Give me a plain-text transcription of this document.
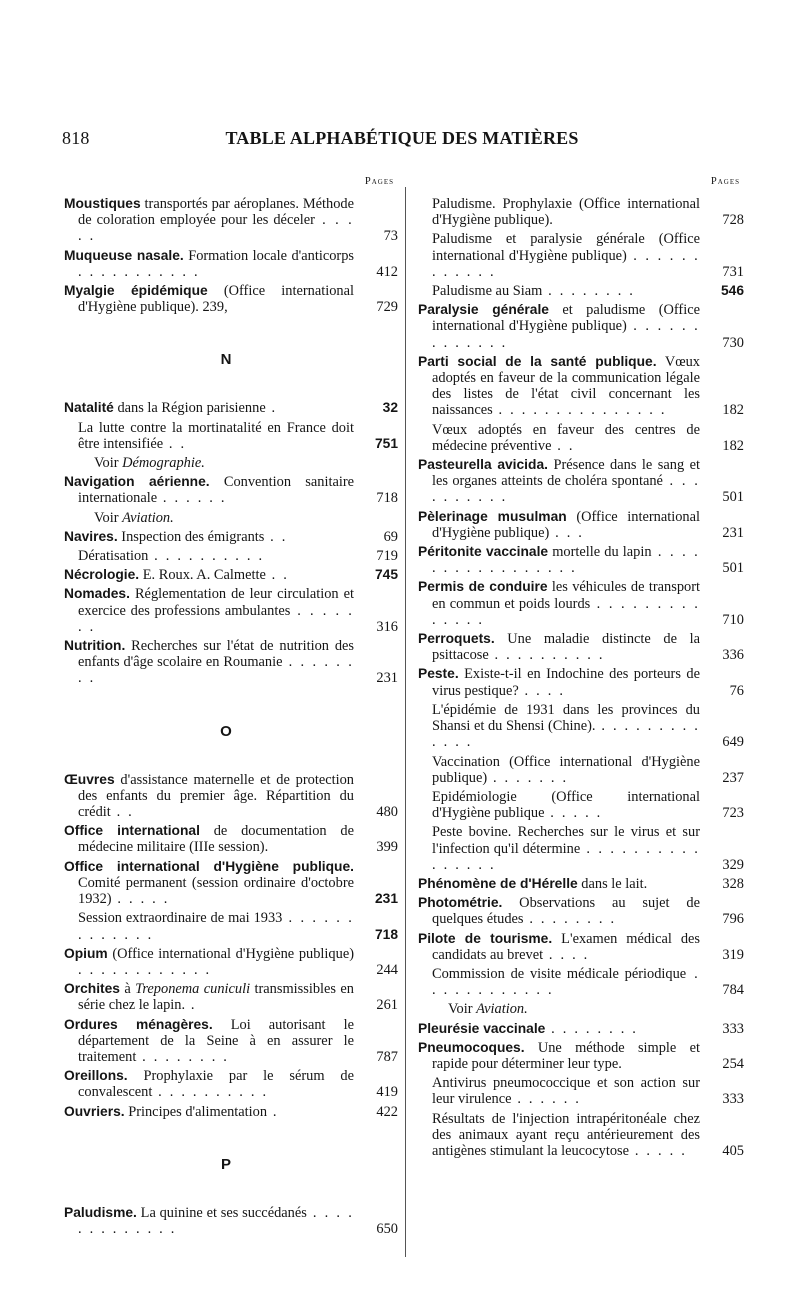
818	TABLE ALPHABÉTIQUE DES MATIÈRES
Pages
Moustiques transportés par aéroplanes. Méthode de coloration employée pour les déceler . . . . .	73
Muqueuse nasale. Formation locale d'anticorps . . . . . . . . . . .	412
Myalgie épidémique (Office international d'Hygiène publique). 239,	729
N
Natalité dans la Région parisienne .	32
La lutte contre la mortinatalité en France doit être intensifiée . .	751
Voir Démographie.
Navigation aérienne. Convention sanitaire internationale . . . . . .	718
Voir Aviation.
Navires. Inspection des émigrants . .	69
Dératisation . . . . . . . . . .	719
Nécrologie. E. Roux. A. Calmette . .	745
Nomades. Réglementation de leur circulation et exercice des professions ambulantes . . . . . . .	316
Nutrition. Recherches sur l'état de nutrition des enfants d'âge scolaire en Roumanie . . . . . . . .	231
O
Œuvres d'assistance maternelle et de protection des enfants du premier âge. Répartition du crédit . .	480
Office international de documentation de médecine militaire (IIIe session).	399
Office international d'Hygiène publique. Comité permanent (session ordinaire d'octobre 1932) . . . . .	231
Session extraordinaire de mai 1933 . . . . . . . . . . . . .	718
Opium (Office international d'Hygiène publique) . . . . . . . . . . . .	244
Orchites à Treponema cuniculi transmissibles en série chez le lapin. .	261
Ordures ménagères. Loi autorisant le département de la Seine à en assurer le traitement . . . . . . . .	787
Oreillons. Prophylaxie par le sérum de convalescent . . . . . . . . . .	419
Ouvriers. Principes d'alimentation .	422
P
Paludisme. La quinine et ses succédanés . . . . . . . . . . . . .	650
Pages
Paludisme. Prophylaxie (Office international d'Hygiène publique).	728
Paludisme et paralysie générale (Office international d'Hygiène publique) . . . . . . . . . . . .	731
Paludisme au Siam . . . . . . . .	546
Paralysie générale et paludisme (Office international d'Hygiène publique) . . . . . . . . . . . . .	730
Parti social de la santé publique. Vœux adoptés en faveur de la communication légale des listes de l'état civil concernant les naissances . . . . . . . . . . . . . . .	182
Vœux adoptés en faveur des centres de médecine préventive . .	182
Pasteurella avicida. Présence dans le sang et les organes atteints de choléra spontané . . . . . . . . . .	501
Pèlerinage musulman (Office international d'Hygiène publique) . . .	231
Péritonite vaccinale mortelle du lapin . . . . . . . . . . . . . . . . .	501
Permis de conduire les véhicules de transport en commun et poids lourds . . . . . . . . . . . . . .	710
Perroquets. Une maladie distincte de la psittacose . . . . . . . . . .	336
Peste. Existe-t-il en Indochine des porteurs de virus pestique? . . . .	76
L'épidémie de 1931 dans les provinces du Shansi et du Shensi (Chine). . . . . . . . . . . . . .	649
Vaccination (Office international d'Hygiène publique) . . . . . . .	237
Epidémiologie (Office international d'Hygiène publique . . . . .	723
Peste bovine. Recherches sur le virus et sur l'infection qu'il détermine . . . . . . . . . . . . . . . .	329
Phénomène de d'Hérelle dans le lait.	328
Photométrie. Observations au sujet de quelques études . . . . . . . .	796
Pilote de tourisme. L'examen médical des candidats au brevet . . . .	319
Commission de visite médicale périodique . . . . . . . . . . . .	784
Voir Aviation.
Pleurésie vaccinale . . . . . . . .	333
Pneumocoques. Une méthode simple et rapide pour déterminer leur type.	254
Antivirus pneumococcique et son action sur leur virulence . . . . . .	333
Résultats de l'injection intrapéritonéale chez des animaux ayant reçu antérieurement des antigènes stimulant la leucocytose . . . . .	405
